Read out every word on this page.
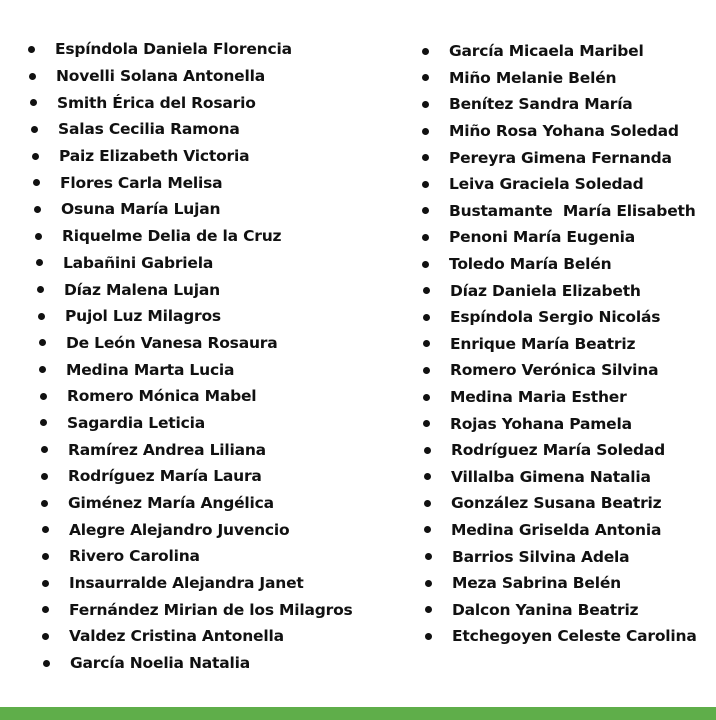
Espíndola Daniela Florencia
Novelli Solana Antonella
Smith Érica del Rosario
Salas Cecilia Ramona
Paiz Elizabeth Victoria
Flores Carla Melisa
Osuna María Lujan
Riquelme Delia de la Cruz
Labañini Gabriela
Díaz Malena Lujan
Pujol Luz Milagros
De León Vanesa Rosaura
Medina Marta Lucia
Romero Mónica Mabel
Sagardia Leticia
Ramírez Andrea Liliana
Rodríguez María Laura
Giménez María Angélica
Alegre Alejandro Juvencio
Rivero Carolina
Insaurralde Alejandra Janet
Fernández Mirian de los Milagros
Valdez Cristina Antonella
García Noelia Natalia
García Micaela Maribel
Miño Melanie Belén
Benítez Sandra María
Miño Rosa Yohana Soledad
Pereyra Gimena Fernanda
Leiva Graciela Soledad
Bustamante  María Elisabeth
Penoni María Eugenia
Toledo María Belén
Díaz Daniela Elizabeth
Espíndola Sergio Nicolás
Enrique María Beatriz
Romero Verónica Silvina
Medina Maria Esther
Rojas Yohana Pamela
Rodríguez María Soledad
Villalba Gimena Natalia
González Susana Beatriz
Medina Griselda Antonia
Barrios Silvina Adela
Meza Sabrina Belén
Dalcon Yanina Beatriz
Etchegoyen Celeste Carolina
